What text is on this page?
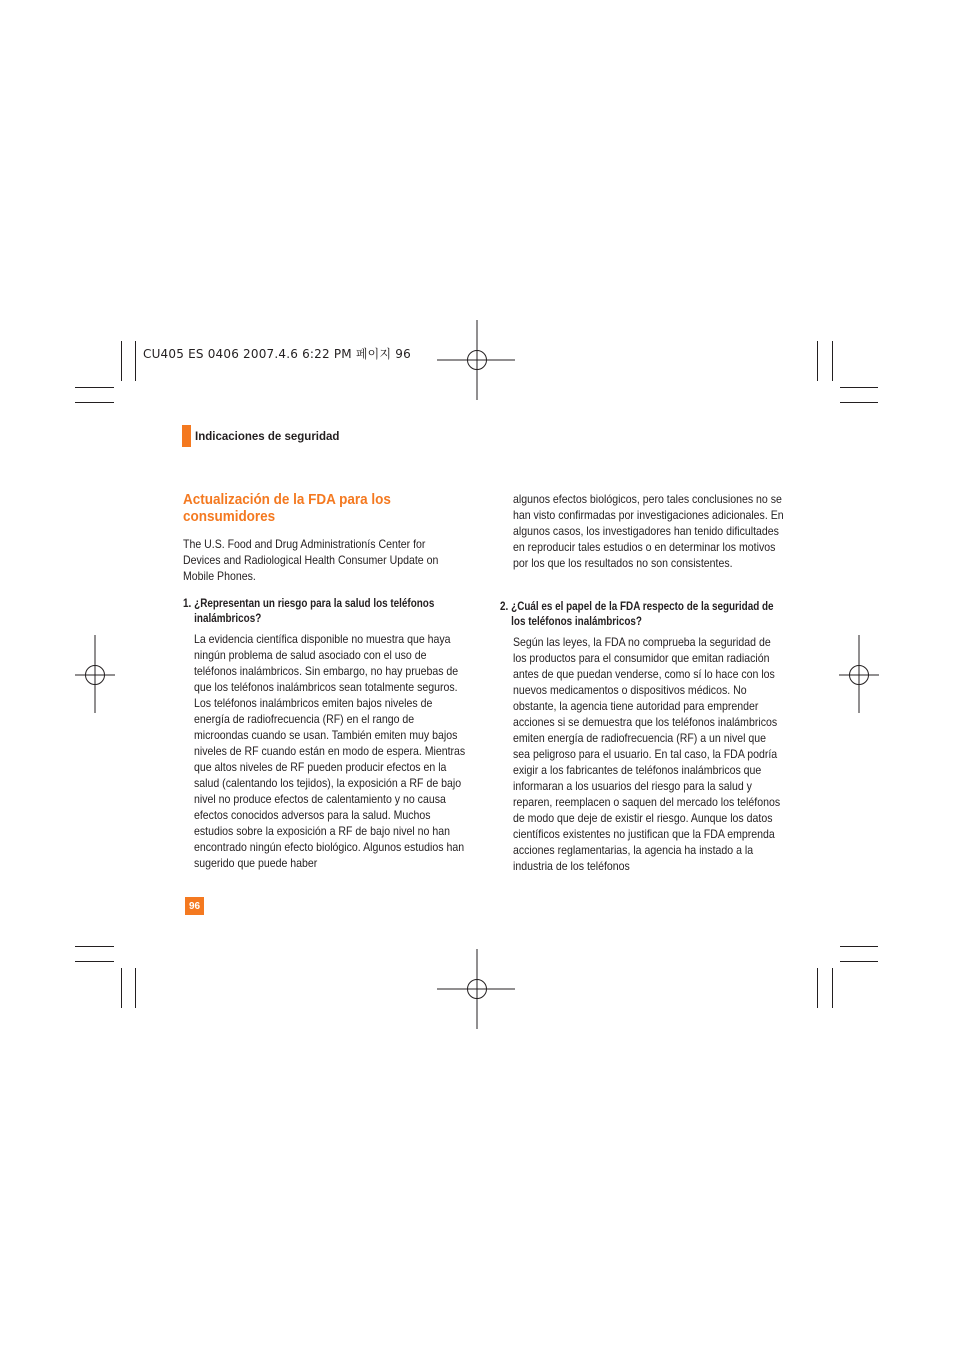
CU405 ES 0406 2007.4.6 6:22 PM 페이지 96
Indicaciones de seguridad
Actualización de la FDA para los consumidores
The U.S. Food and Drug Administrationís Center for Devices and Radiological Health Consumer Update on Mobile Phones.
1. ¿Representan un riesgo para la salud los teléfonos inalámbricos?
La evidencia científica disponible no muestra que haya ningún problema de salud asociado con el uso de teléfonos inalámbricos. Sin embargo, no hay pruebas de que los teléfonos inalámbricos sean totalmente seguros. Los teléfonos inalámbricos emiten bajos niveles de energía de radiofrecuencia (RF) en el rango de microondas cuando se usan. También emiten muy bajos niveles de RF cuando están en modo de espera. Mientras que altos niveles de RF pueden producir efectos en la salud (calentando los tejidos), la exposición a RF de bajo nivel no produce efectos de calentamiento y no causa efectos conocidos adversos para la salud. Muchos estudios sobre la exposición a RF de bajo nivel no han encontrado ningún efecto biológico. Algunos estudios han sugerido que puede haber
algunos efectos biológicos, pero tales conclusiones no se han visto confirmadas por investigaciones adicionales. En algunos casos, los investigadores han tenido dificultades en reproducir tales estudios o en determinar los motivos por los que los resultados no son consistentes.
2. ¿Cuál es el papel de la FDA respecto de la seguridad de los teléfonos inalámbricos?
Según las leyes, la FDA no comprueba la seguridad de los productos para el consumidor que emitan radiación antes de que puedan venderse, como sí lo hace con los nuevos medicamentos o dispositivos médicos. No obstante, la agencia tiene autoridad para emprender acciones si se demuestra que los teléfonos inalámbricos emiten energía de radiofrecuencia (RF) a un nivel que sea peligroso para el usuario. En tal caso, la FDA podría exigir a los fabricantes de teléfonos inalámbricos que informaran a los usuarios del riesgo para la salud y reparen, reemplacen o saquen del mercado los teléfonos de modo que deje de existir el riesgo. Aunque los datos científicos existentes no justifican que la FDA emprenda acciones reglamentarias, la agencia ha instado a la industria de los teléfonos
96
